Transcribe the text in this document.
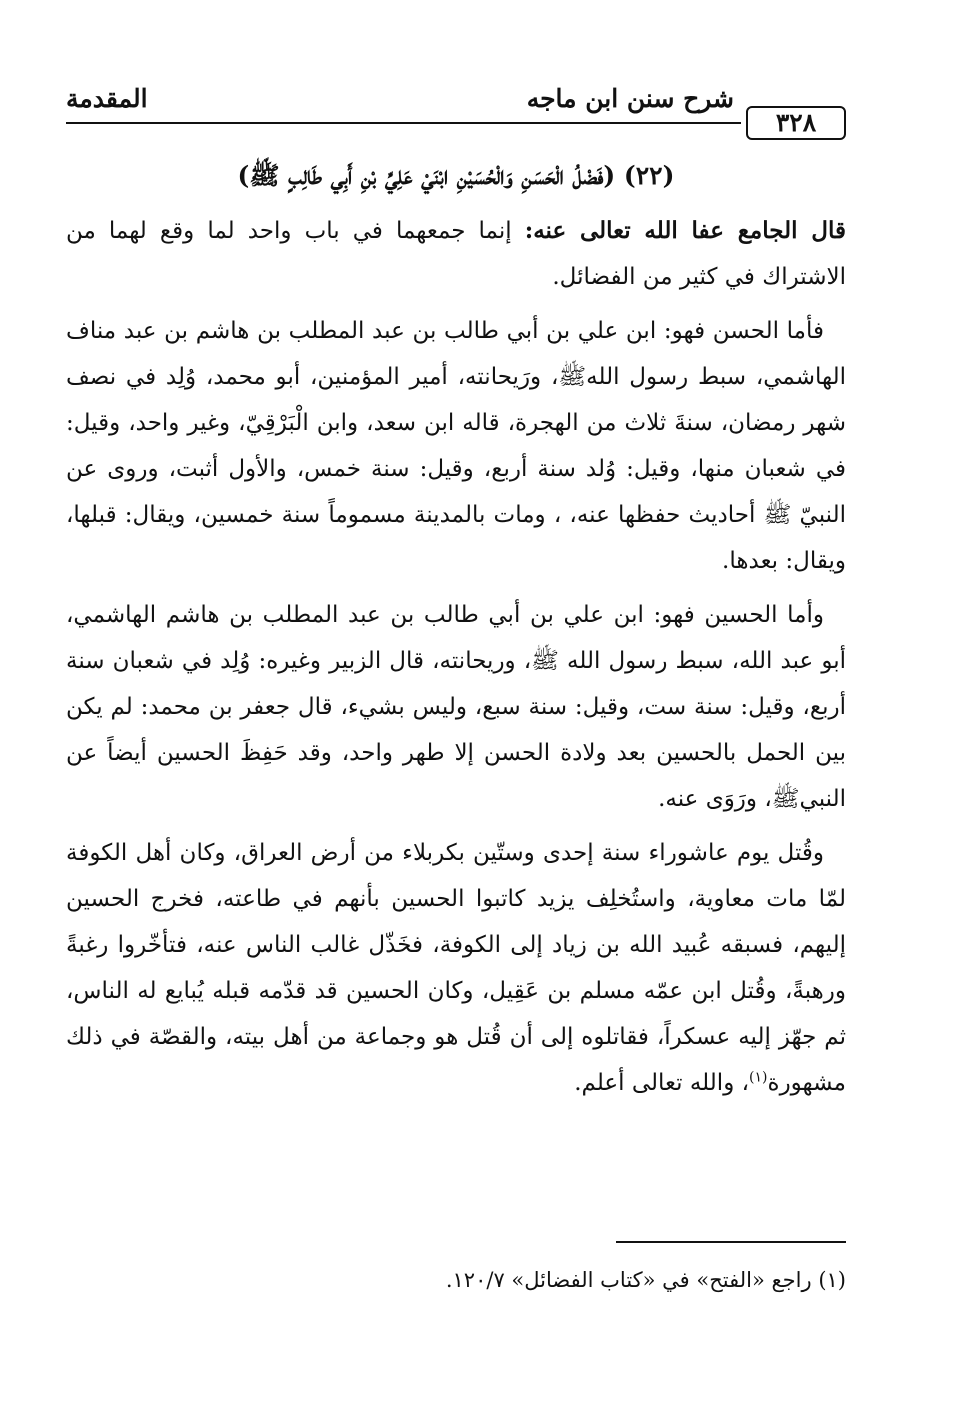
٣٢٨
شرح سنن ابن ماجه
المقدمة
(٢٢) (فَضْلُ الْحَسَنِ وَالْحُسَيْنِ ابْنَيْ عَلِيِّ بْنِ أَبِي طَالِبٍ ﷺ)

قال الجامع عفا الله تعالى عنه: إنما جمعهما في باب واحد لما وقع لهما من الاشتراك في كثير من الفضائل.

فأما الحسن فهو: ابن علي بن أبي طالب بن عبد المطلب بن هاشم بن عبد مناف الهاشمي، سبط رسول اللهﷺ، ورَيحانته، أمير المؤمنين، أبو محمد، وُلِد في نصف شهر رمضان، سنةَ ثلاث من الهجرة، قاله ابن سعد، وابن الْبَرْقِيّ، وغير واحد، وقيل: في شعبان منها، وقيل: وُلد سنة أربع، وقيل: سنة خمس، والأول أثبت، وروى عن النبيّ ﷺ أحاديث حفظها عنه، ، ومات بالمدينة مسموماً سنة خمسين، ويقال: قبلها، ويقال: بعدها.

وأما الحسين فهو: ابن علي بن أبي طالب بن عبد المطلب بن هاشم الهاشمي، أبو عبد الله، سبط رسول الله ﷺ، وريحانته، قال الزبير وغيره: وُلِد في شعبان سنة أربع، وقيل: سنة ست، وقيل: سنة سبع، وليس بشيء، قال جعفر بن محمد: لم يكن بين الحمل بالحسين بعد ولادة الحسن إلا طهر واحد، وقد حَفِظَ الحسين أيضاً عن النبيﷺ، ورَوَى عنه.

وقُتل يوم عاشوراء سنة إحدى وستّين بكربلاء من أرض العراق، وكان أهل الكوفة لمّا مات معاوية، واستُخلِف يزيد كاتبوا الحسين بأنهم في طاعته، فخرج الحسين إليهم، فسبقه عُبيد الله بن زياد إلى الكوفة، فخَذّل غالب الناس عنه، فتأخّروا رغبةً ورهبةً، وقُتل ابن عمّه مسلم بن عَقِيل، وكان الحسين قد قدّمه قبله يُبايع له الناس، ثم جهّز إليه عسكراً، فقاتلوه إلى أن قُتل هو وجماعة من أهل بيته، والقصّة في ذلك مشهورة$^{(١)}$، والله تعالى أعلم.

(١) راجع «الفتح» في «كتاب الفضائل» ١٢٠/٧.
